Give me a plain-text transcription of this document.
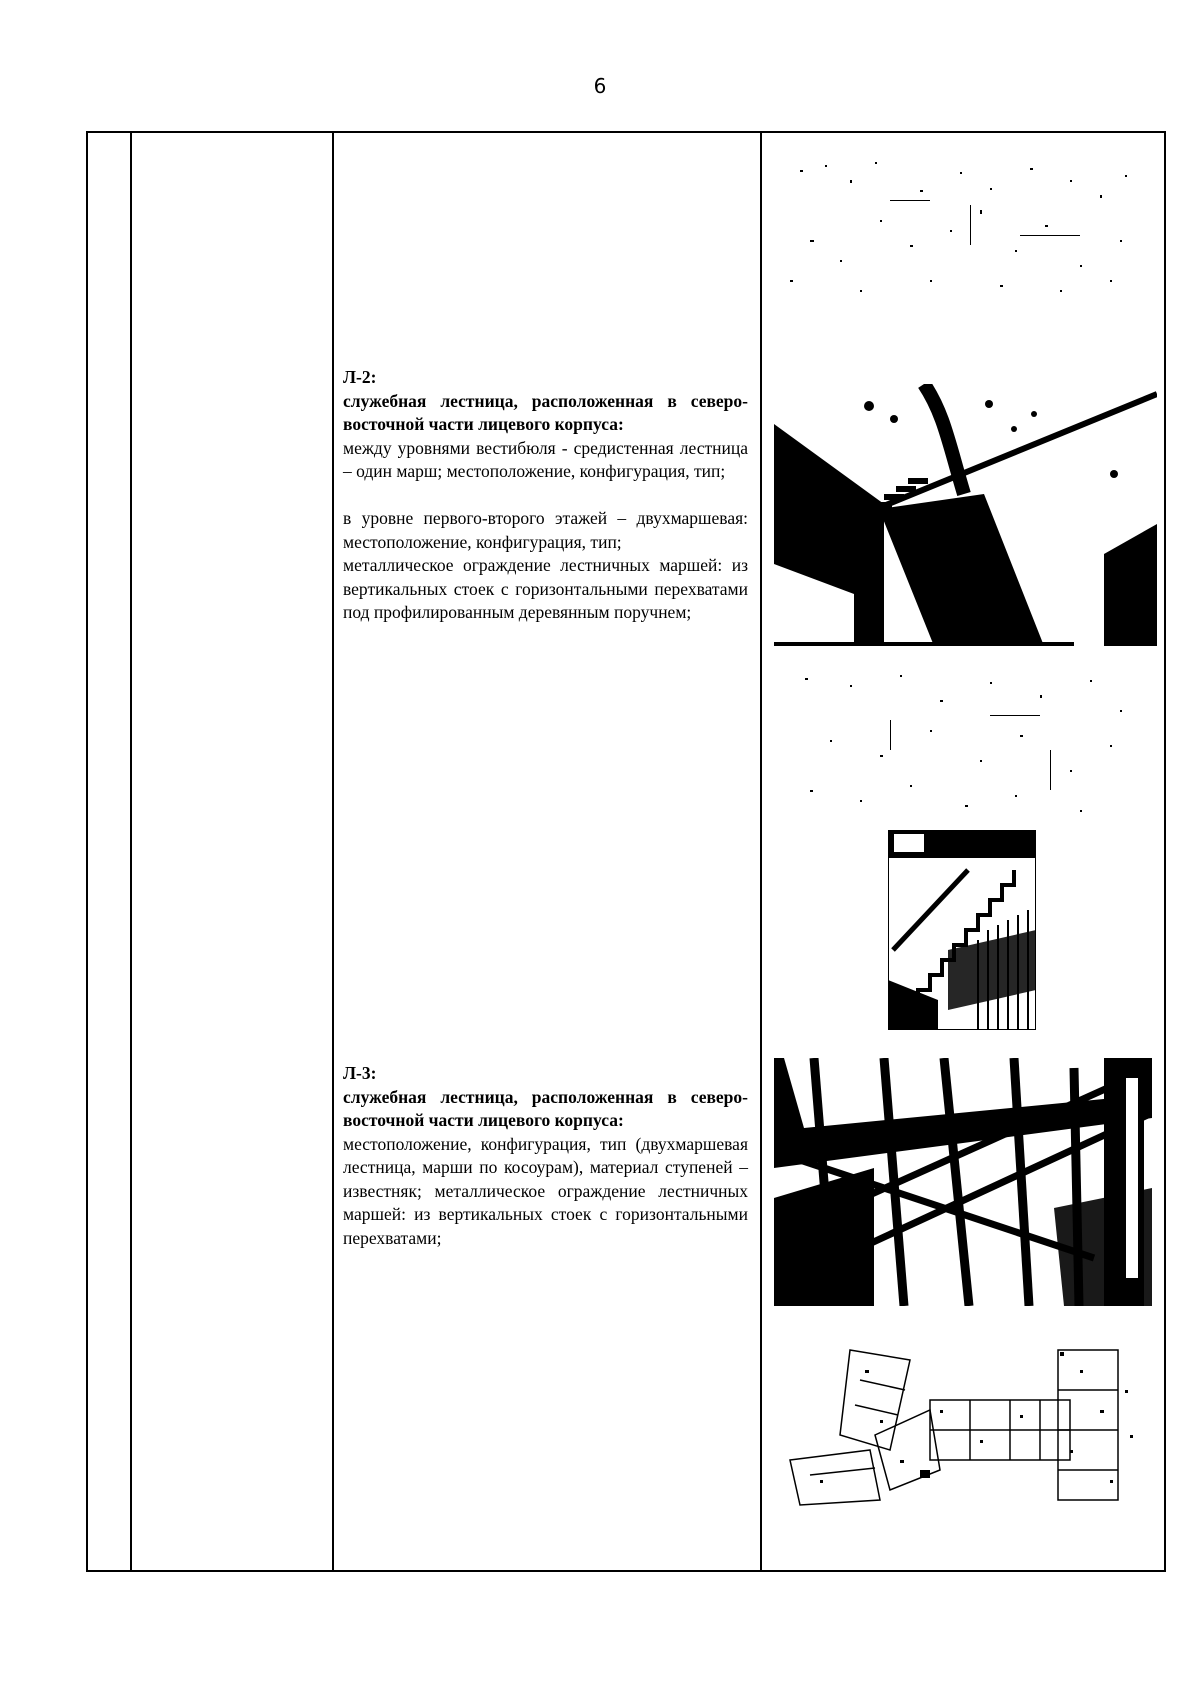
6

Л-2:

служебная лестница, расположенная в северо-восточной части лицевого корпуса:

между уровнями вестибюля - средистенная лестница – один марш; местоположение, конфигурация, тип;

в уровне первого-второго этажей – двухмаршевая: местоположение, конфигурация, тип;

металлическое ограждение лестничных маршей: из вертикальных стоек с горизонтальными перехватами под профилированным деревянным поручнем;

Л-3:

служебная лестница, расположенная в северо-восточной части лицевого корпуса:

местоположение, конфигурация, тип (двухмаршевая лестница, марши по косоурам), материал ступеней – известняк; металлическое ограждение лестничных маршей: из вертикальных стоек с горизонтальными перехватами;
